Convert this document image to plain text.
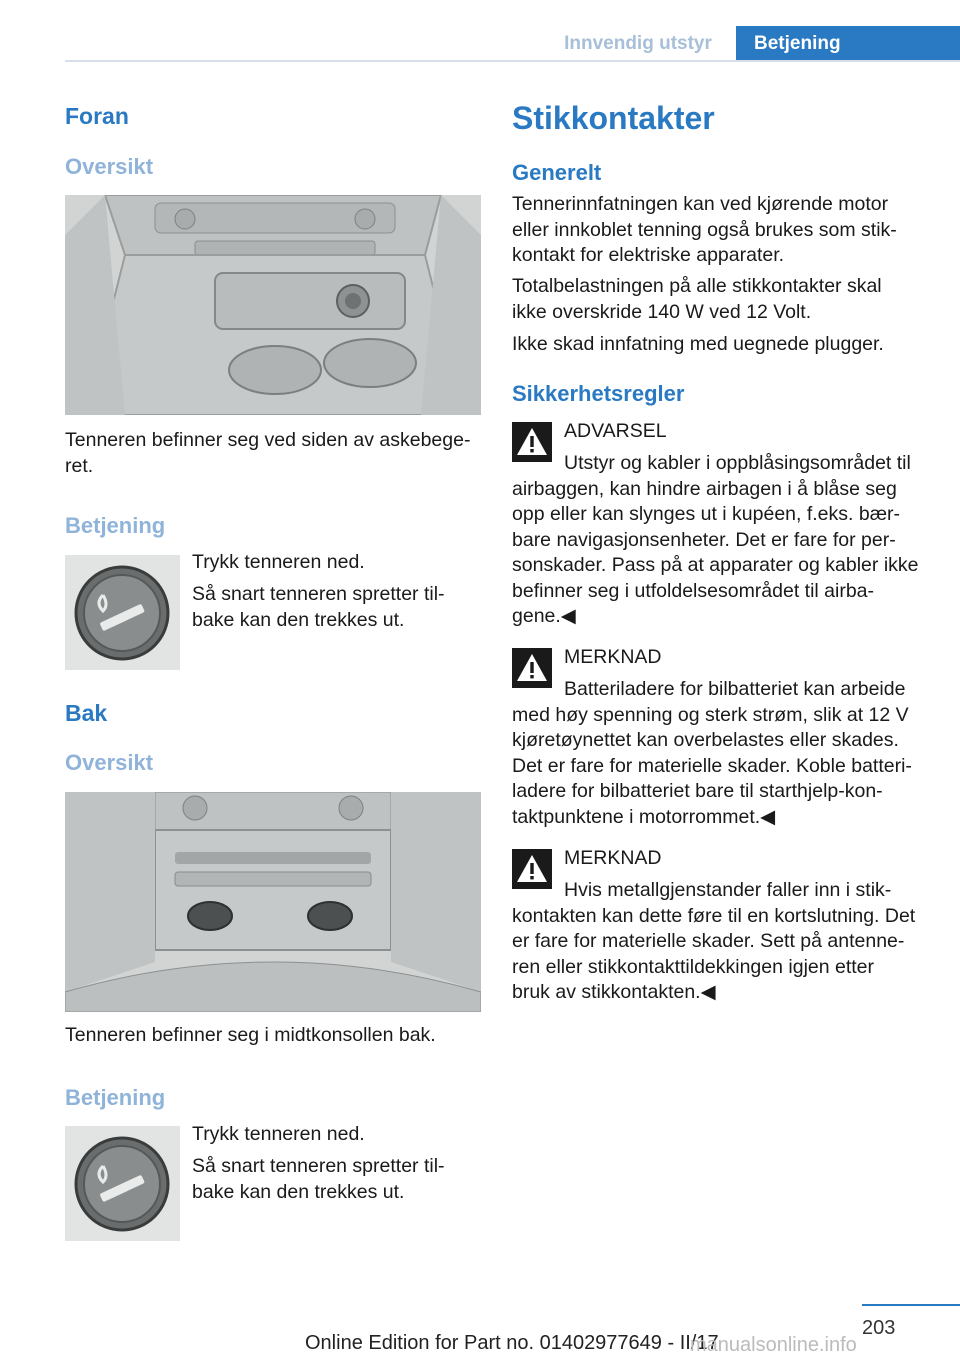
Innvendig utstyr	Betjening
Foran
Oversikt

Tenneren befinner seg ved siden av askebege-
ret.

Betjening

Trykk tenneren ned.

Så snart tenneren spretter til-
bake kan den trekkes ut.

Bak
Oversikt

Tenneren befinner seg i midtkonsollen bak.

Betjening

Trykk tenneren ned.

Så snart tenneren spretter til-
bake kan den trekkes ut.

Stikkontakter
Generelt

Tennerinnfatningen kan ved kjørende motor
eller innkoblet tenning også brukes som stik-
kontakt for elektriske apparater.

Totalbelastningen på alle stikkontakter skal
ikke overskride 140 W ved 12 Volt.

Ikke skad innfatning med uegnede plugger.

Sikkerhetsregler

ADVARSEL

Utstyr og kabler i oppblåsingsområdet til

airbaggen, kan hindre airbagen i å blåse seg
opp eller kan slynges ut i kupéen, f.eks. bær-
bare navigasjonsenheter. Det er fare for per-
sonskader. Pass på at apparater og kabler ikke
befinner seg i utfoldelsesområdet til airba-
gene.◀

MERKNAD

Batteriladere for bilbatteriet kan arbeide

med høy spenning og sterk strøm, slik at 12 V
kjøretøynettet kan overbelastes eller skades.
Det er fare for materielle skader. Koble batteri-
ladere for bilbatteriet bare til starthjelp-kon-
taktpunktene i motorrommet.◀

MERKNAD

Hvis metallgjenstander faller inn i stik-

kontakten kan dette føre til en kortslutning. Det
er fare for materielle skader. Sett på antenne-
ren eller stikkontakttildekkingen igjen etter
bruk av stikkontakten.◀

203
Online Edition for Part no. 01402977649 - II/17
manualsonline.info
